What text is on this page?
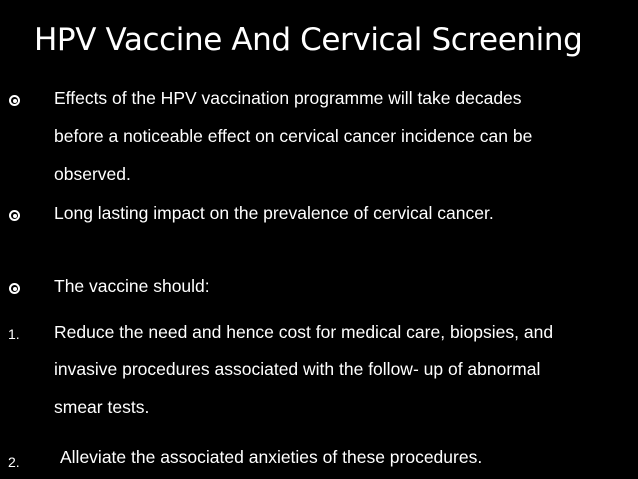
HPV Vaccine And Cervical Screening
Effects of the HPV vaccination programme will take decades
before a noticeable effect on cervical cancer incidence can be
observed.
Long lasting impact on the prevalence of cervical cancer.
The vaccine should:
1. Reduce the need and hence cost for medical care, biopsies, and
invasive procedures associated with the follow- up of abnormal
smear tests.
2. Alleviate the associated anxieties of these procedures.
